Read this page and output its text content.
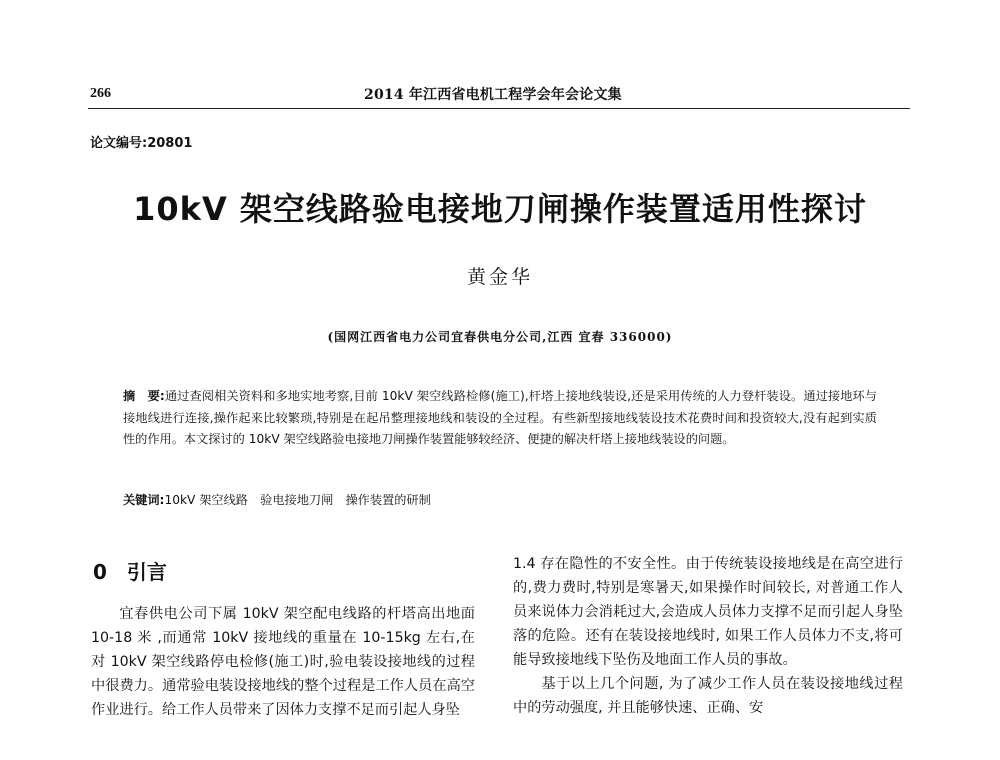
266	2014 年江西省电机工程学会年会论文集
论文编号:20801
10kV 架空线路验电接地刀闸操作装置适用性探讨
黄金华
(国网江西省电力公司宜春供电分公司,江西 宜春 336000)

摘　要:通过查阅相关资料和多地实地考察,目前 10kV 架空线路检修(施工),杆塔上接地线装设,还是采用传统的人力登杆装设。通过接地环与接地线进行连接,操作起来比较繁琐,特别是在起吊整理接地线和装设的全过程。有些新型接地线装设技术花费时间和投资较大,没有起到实质性的作用。本文探讨的 10kV 架空线路验电接地刀闸操作装置能够较经济、便捷的解决杆塔上接地线装设的问题。

关键词:10kV 架空线路　验电接地刀闸　操作装置的研制
0 引言

宜春供电公司下属 10kV 架空配电线路的杆塔高出地面 10-18 米 ,而通常 10kV 接地线的重量在 10-15kg 左右,在对 10kV 架空线路停电检修(施工)时,验电装设接地线的过程中很费力。通常验电装设接地线的整个过程是工作人员在高空作业进行。给工作人员带来了因体力支撑不足而引起人身坠

1.4 存在隐性的不安全性。由于传统装设接地线是在高空进行的,费力费时,特别是寒暑天,如果操作时间较长, 对普通工作人员来说体力会消耗过大,会造成人员体力支撑不足而引起人身坠落的危险。还有在装设接地线时, 如果工作人员体力不支,将可能导致接地线下坠伤及地面工作人员的事故。

基于以上几个问题, 为了减少工作人员在装设接地线过程中的劳动强度, 并且能够快速、正确、安
